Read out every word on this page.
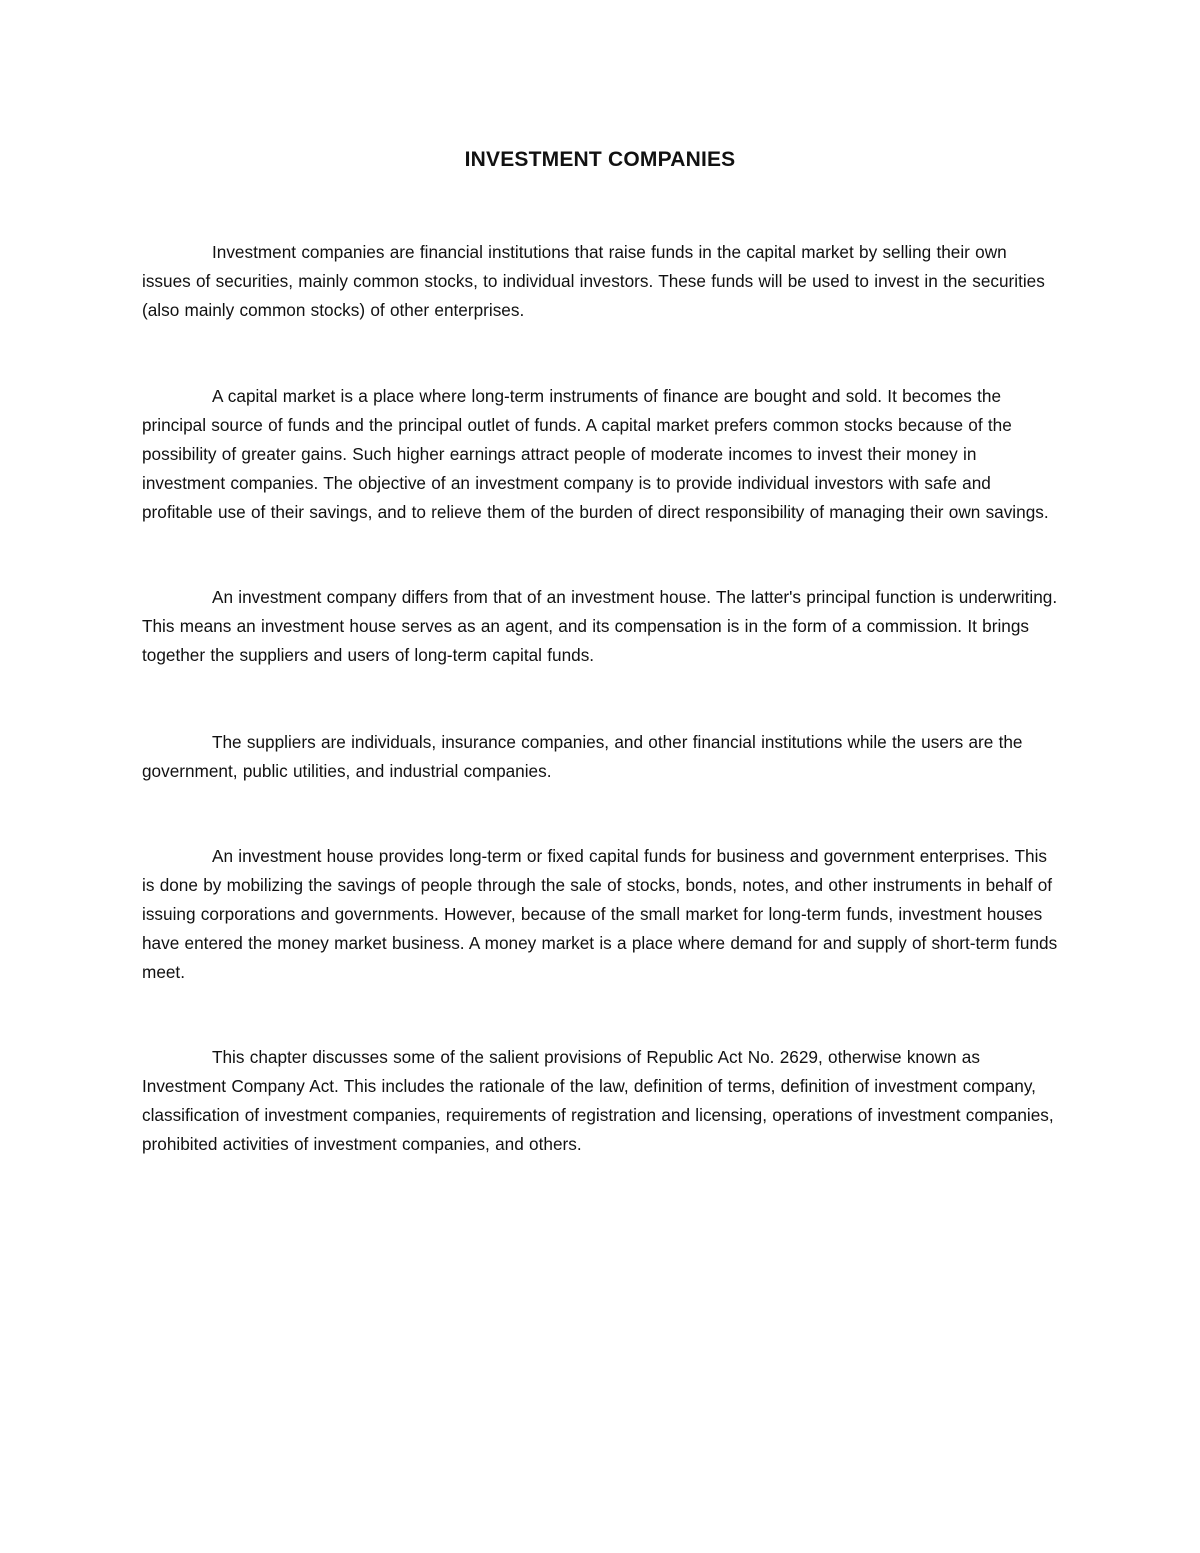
INVESTMENT COMPANIES

Investment companies are financial institutions that raise funds in the capital market by selling their own issues of securities, mainly common stocks, to individual investors. These funds will be used to invest in the securities (also mainly common stocks) of other enterprises.

A capital market is a place where long-term instruments of finance are bought and sold. It becomes the principal source of funds and the principal outlet of funds. A capital market prefers common stocks because of the possibility of greater gains. Such higher earnings attract people of moderate incomes to invest their money in investment companies. The objective of an investment company is to provide individual investors with safe and profitable use of their savings, and to relieve them of the burden of direct responsibility of managing their own savings.

An investment company differs from that of an investment house. The latter's principal function is underwriting. This means an investment house serves as an agent, and its compensation is in the form of a commission. It brings together the suppliers and users of long-term capital funds.

The suppliers are individuals, insurance companies, and other financial institutions while the users are the government, public utilities, and industrial companies.

An investment house provides long-term or fixed capital funds for business and government enterprises. This is done by mobilizing the savings of people through the sale of stocks, bonds, notes, and other instruments in behalf of issuing corporations and governments. However, because of the small market for long-term funds, investment houses have entered the money market business. A money market is a place where demand for and supply of short-term funds meet.

This chapter discusses some of the salient provisions of Republic Act No. 2629, otherwise known as Investment Company Act. This includes the rationale of the law, definition of terms, definition of investment company, classification of investment companies, requirements of registration and licensing, operations of investment companies, prohibited activities of investment companies, and others.
